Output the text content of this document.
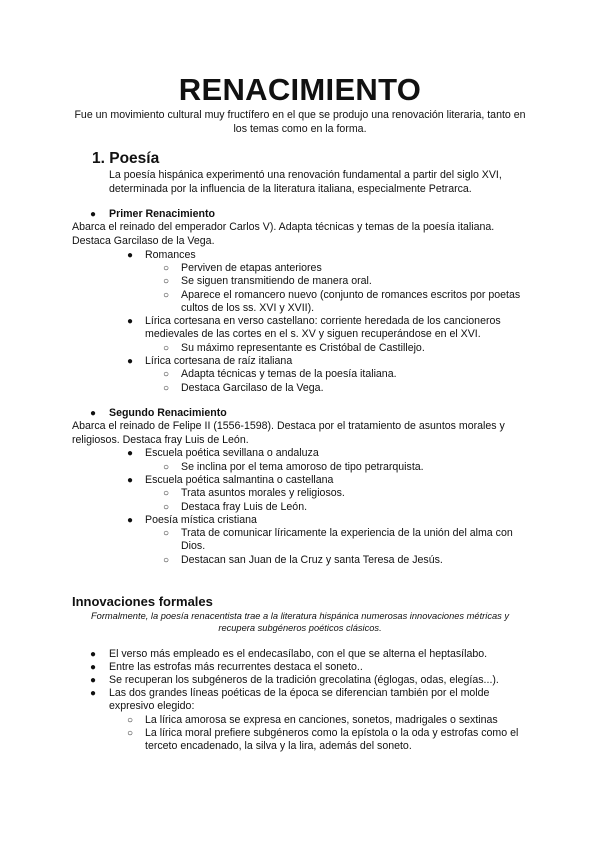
RENACIMIENTO
Fue un movimiento cultural muy fructífero en el que se produjo una renovación literaria, tanto en los temas como en la forma.
1. Poesía
La poesía hispánica experimentó una renovación fundamental a partir del siglo XVI, determinada por la influencia de la literatura italiana, especialmente Petrarca.
● Primer Renacimiento
Abarca el reinado del emperador Carlos V). Adapta técnicas y temas de la poesía italiana. Destaca Garcilaso de la Vega.
● Romances
○ Perviven de etapas anteriores
○ Se siguen transmitiendo de manera oral.
○ Aparece el romancero nuevo (conjunto de romances escritos por poetas
cultos de los ss. XVI y XVII).
● Lírica cortesana en verso castellano: corriente heredada de los cancioneros
medievales de las cortes en el s. XV y siguen recuperándose en el XVI.
○ Su máximo representante es Cristóbal de Castillejo.
● Lírica cortesana de raíz italiana
○ Adapta técnicas y temas de la poesía italiana.
○ Destaca Garcilaso de la Vega.
● Segundo Renacimiento
Abarca el reinado de Felipe II (1556-1598). Destaca por el tratamiento de asuntos morales y religiosos. Destaca fray Luis de León.
● Escuela poética sevillana o andaluza
○ Se inclina por el tema amoroso de tipo petrarquista.
● Escuela poética salmantina o castellana
○ Trata asuntos morales y religiosos.
○ Destaca fray Luis de León.
● Poesía mística cristiana
○ Trata de comunicar líricamente la experiencia de la unión del alma con
Dios.
○ Destacan san Juan de la Cruz y santa Teresa de Jesús.
Innovaciones formales
Formalmente, la poesía renacentista trae a la literatura hispánica numerosas innovaciones métricas y recupera subgéneros poéticos clásicos.
● El verso más empleado es el endecasílabo, con el que se alterna el heptasílabo.
● Entre las estrofas más recurrentes destaca el soneto..
● Se recuperan los subgéneros de la tradición grecolatina (églogas, odas, elegías...).
● Las dos grandes líneas poéticas de la época se diferencian también por el molde
expresivo elegido:
○ La lírica amorosa se expresa en canciones, sonetos, madrigales o sextinas
○ La lírica moral prefiere subgéneros como la epístola o la oda y estrofas como el
terceto encadenado, la silva y la lira, además del soneto.
